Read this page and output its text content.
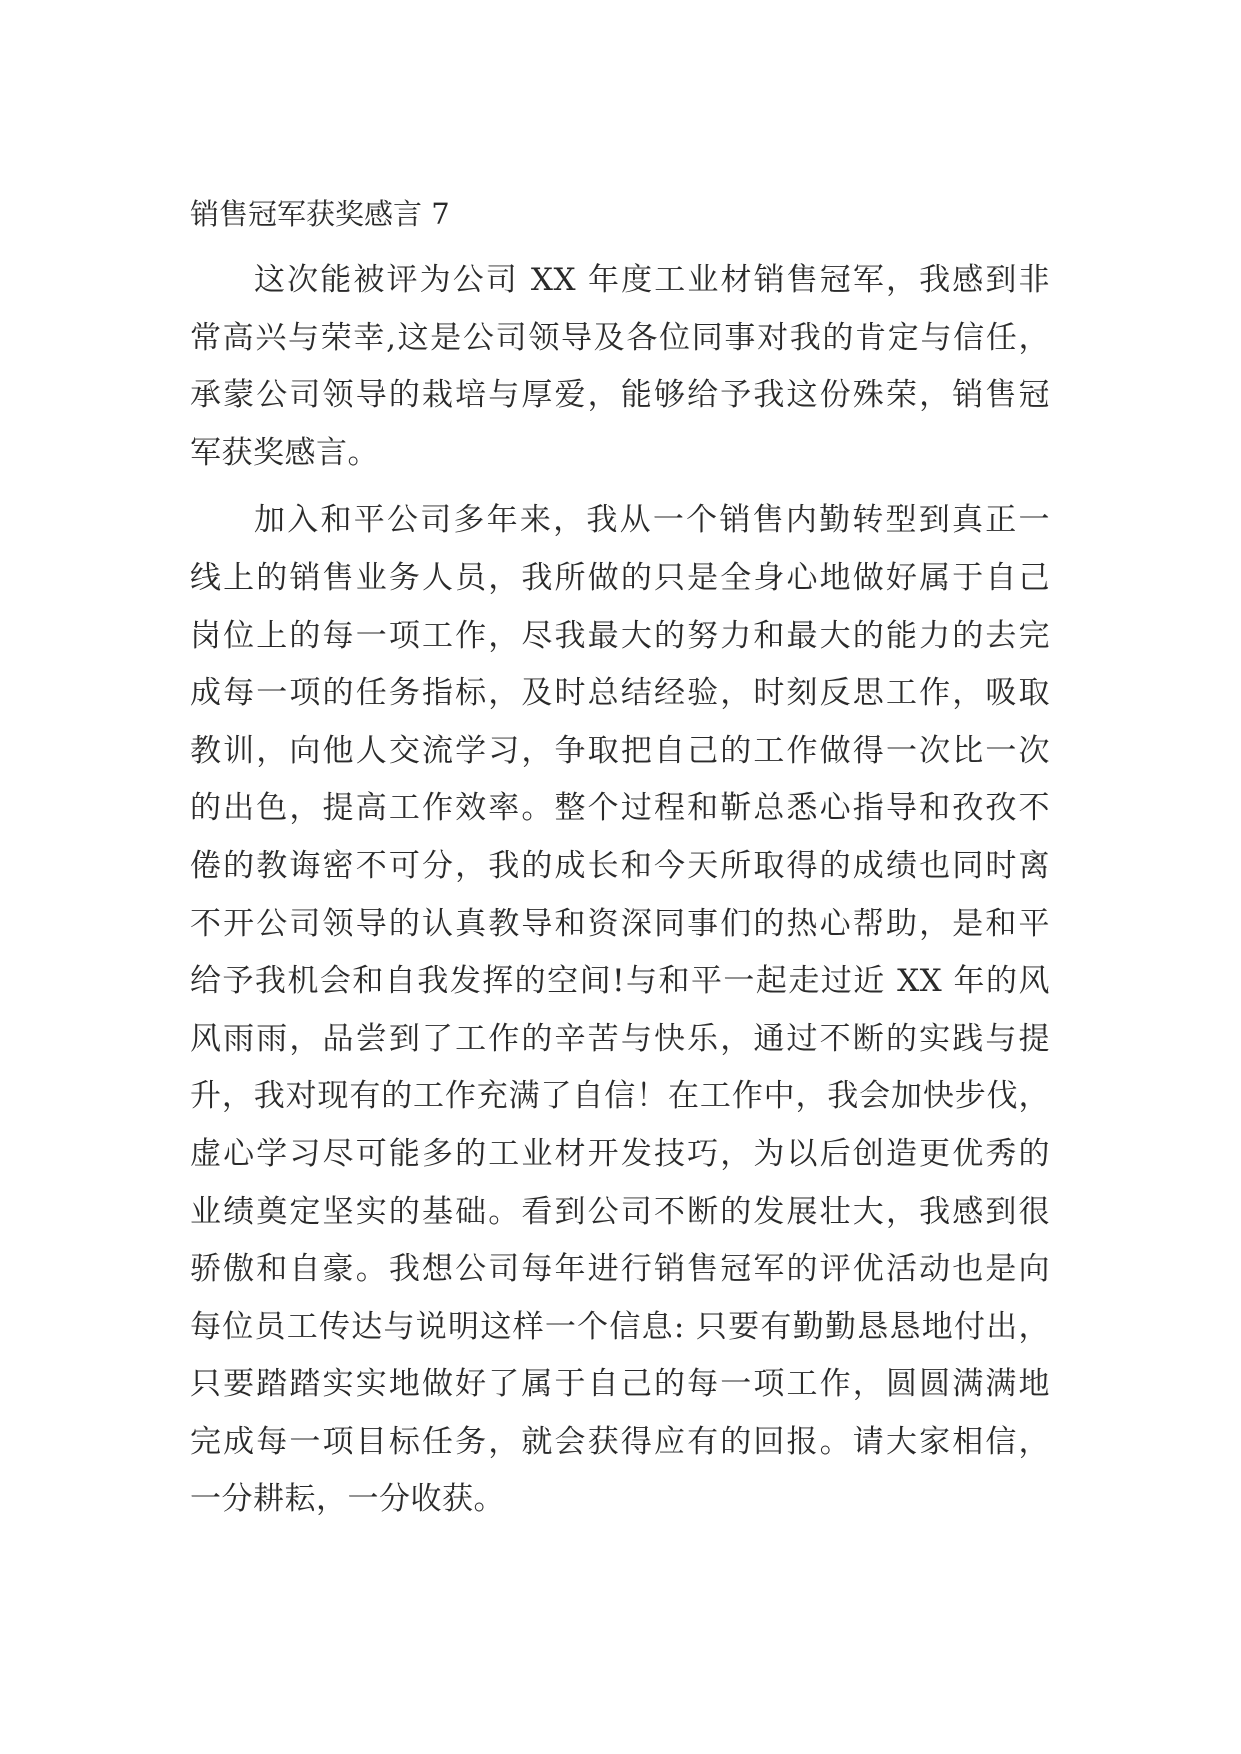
销售冠军获奖感言 7

这次能被评为公司 XX 年度工业材销售冠军，我感到非
常高兴与荣幸,这是公司领导及各位同事对我的肯定与信任，
承蒙公司领导的栽培与厚爱，能够给予我这份殊荣，销售冠
军获奖感言。

加入和平公司多年来，我从一个销售内勤转型到真正一
线上的销售业务人员，我所做的只是全身心地做好属于自己
岗位上的每一项工作，尽我最大的努力和最大的能力的去完
成每一项的任务指标，及时总结经验，时刻反思工作，吸取
教训，向他人交流学习，争取把自己的工作做得一次比一次
的出色，提高工作效率。整个过程和靳总悉心指导和孜孜不
倦的教诲密不可分，我的成长和今天所取得的成绩也同时离
不开公司领导的认真教导和资深同事们的热心帮助，是和平
给予我机会和自我发挥的空间!与和平一起走过近 XX 年的风
风雨雨，品尝到了工作的辛苦与快乐，通过不断的实践与提
升，我对现有的工作充满了自信！在工作中，我会加快步伐，
虚心学习尽可能多的工业材开发技巧，为以后创造更优秀的
业绩奠定坚实的基础。看到公司不断的发展壮大，我感到很
骄傲和自豪。我想公司每年进行销售冠军的评优活动也是向
每位员工传达与说明这样一个信息: 只要有勤勤恳恳地付出，
只要踏踏实实地做好了属于自己的每一项工作，圆圆满满地
完成每一项目标任务，就会获得应有的回报。请大家相信，
一分耕耘，一分收获。
